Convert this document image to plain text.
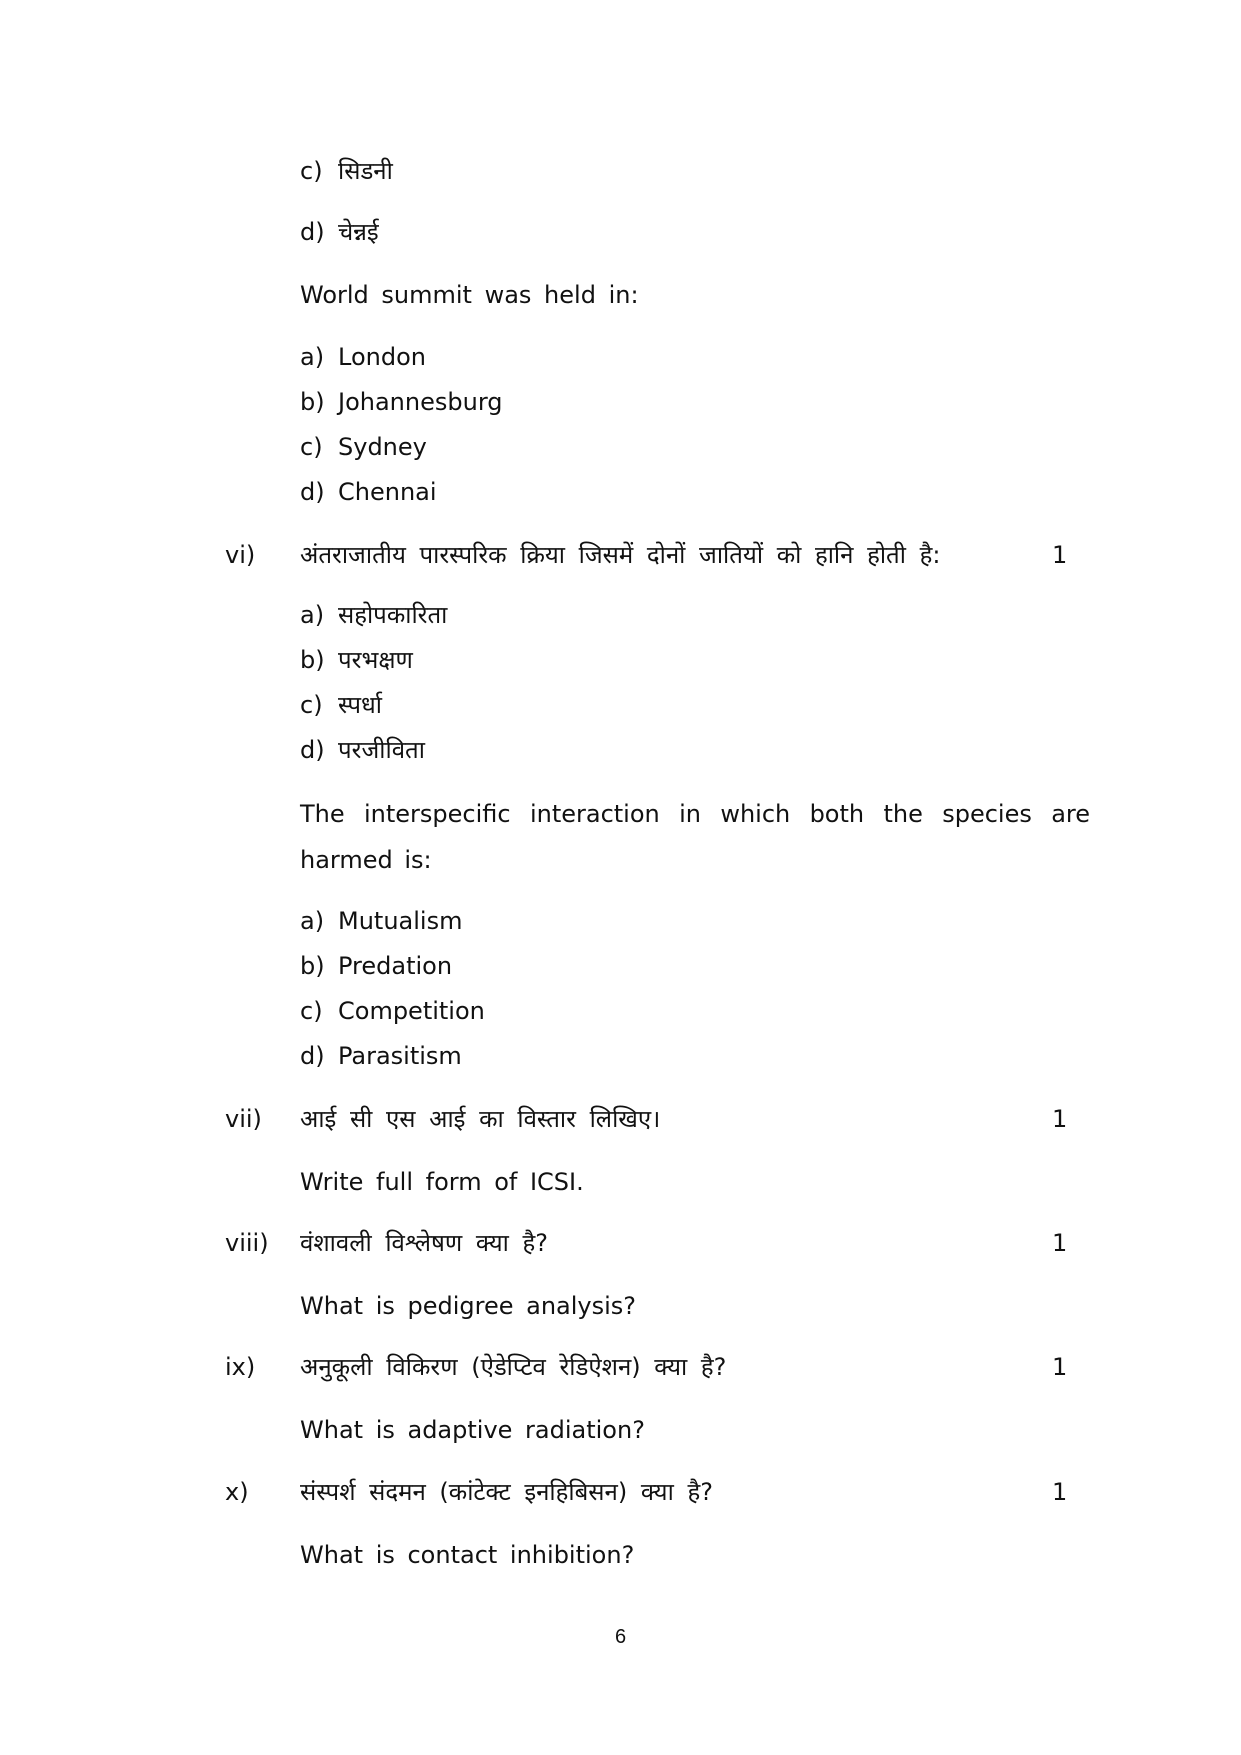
c) सिडनी
d) चेन्नई
World summit was held in:
a) London
b) Johannesburg
c) Sydney
d) Chennai
vi) अंतराजातीय पारस्परिक क्रिया जिसमें दोनों जातियों को हानि होती है:	1
a) सहोपकारिता
b) परभक्षण
c) स्पर्धा
d) परजीविता
The interspecific interaction in which both the species are harmed is:
a) Mutualism
b) Predation
c) Competition
d) Parasitism
vii) आई सी एस आई का विस्तार लिखिए।	1
Write full form of ICSI.
viii) वंशावली विश्लेषण क्या है?	1
What is pedigree analysis?
ix) अनुकूली विकिरण (ऐडेप्टिव रेडिऐशन) क्या है?	1
What is adaptive radiation?
x) संस्पर्श संदमन (कांटेक्ट इनहिबिसन) क्या है?	1
What is contact inhibition?
6
